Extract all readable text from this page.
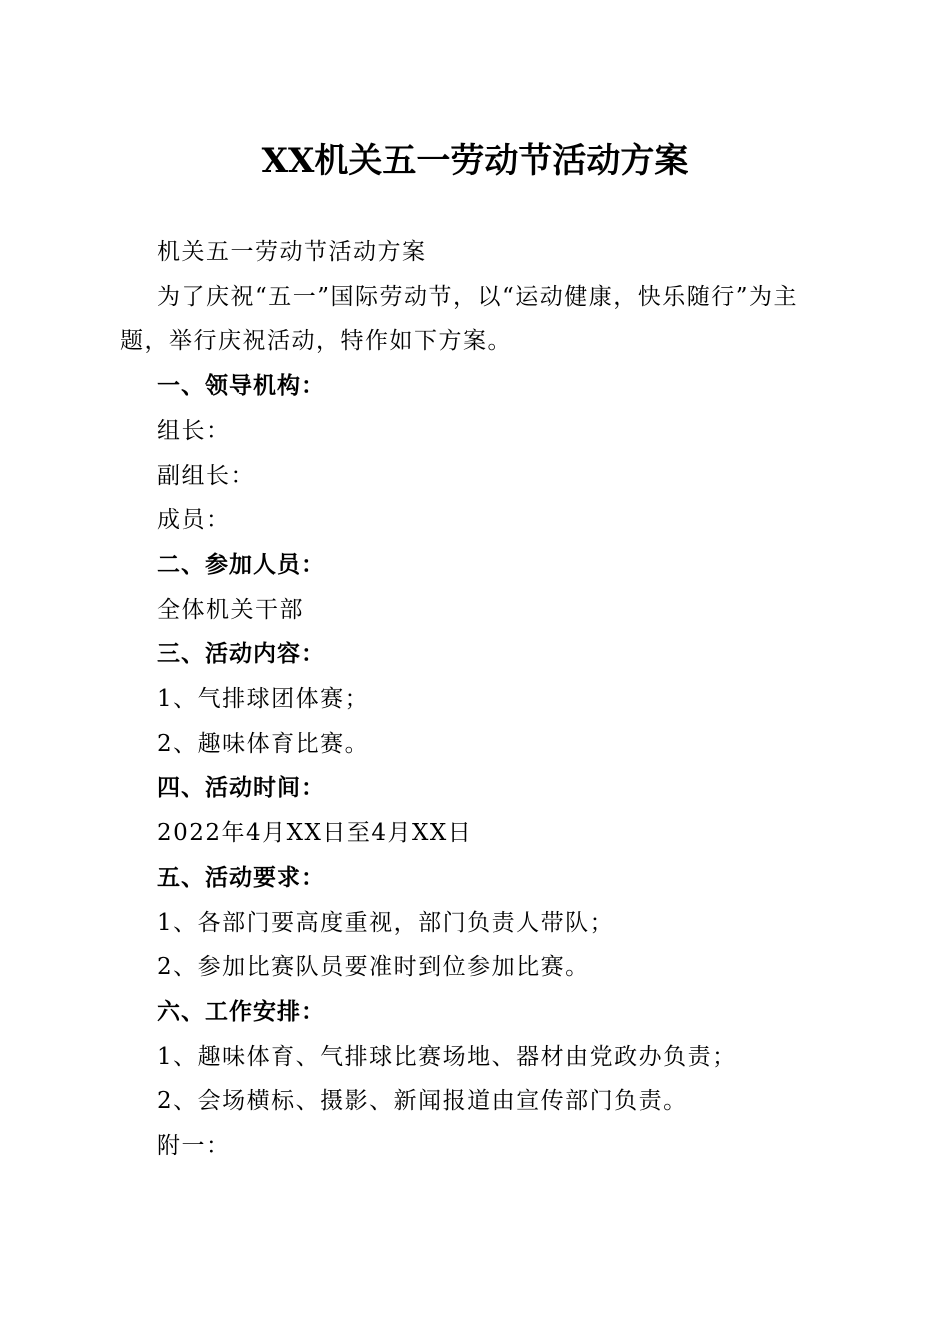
XX机关五一劳动节活动方案

机关五一劳动节活动方案

为了庆祝“五一”国际劳动节，以“运动健康，快乐随行”为主题，举行庆祝活动，特作如下方案。

一、领导机构：

组长：

副组长：

成员：

二、参加人员：

全体机关干部

三、活动内容：

1、气排球团体赛；

2、趣味体育比赛。

四、活动时间：

2022年4月XX日至4月XX日

五、活动要求：

1、各部门要高度重视，部门负责人带队；

2、参加比赛队员要准时到位参加比赛。

六、工作安排：

1、趣味体育、气排球比赛场地、器材由党政办负责；

2、会场横标、摄影、新闻报道由宣传部门负责。

附一：
